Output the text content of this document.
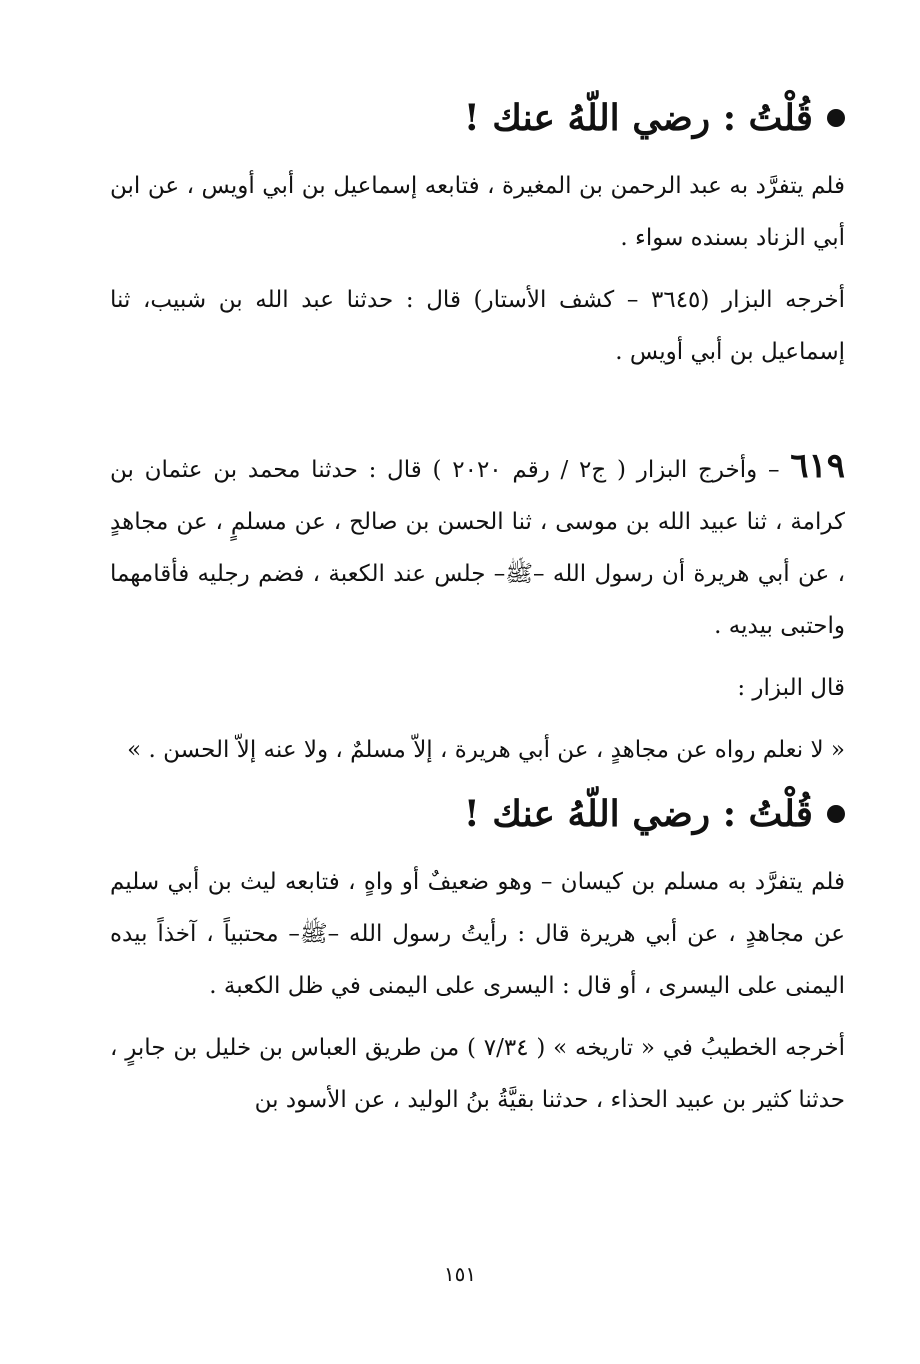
قُلْتُ : رضي اللّهُ عنك !

فلم يتفرَّد به عبد الرحمن بن المغيرة ، فتابعه إسماعيل بن أبي أويس ، عن ابن أبي الزناد بسنده سواء .

أخرجه البزار (٣٦٤٥ – كشف الأستار) قال : حدثنا عبد الله بن شبيب، ثنا إسماعيل بن أبي أويس .

٦١٩ – وأخرج البزار ( ج٢ / رقم ٢٠٢٠ ) قال : حدثنا محمد بن عثمان بن كرامة ، ثنا عبيد الله بن موسى ، ثنا الحسن بن صالح ، عن مسلمٍ ، عن مجاهدٍ ، عن أبي هريرة أن رسول الله –ﷺ– جلس عند الكعبة ، فضم رجليه فأقامهما واحتبى بيديه .

قال البزار :

« لا نعلم رواه عن مجاهدٍ ، عن أبي هريرة ، إلاّ مسلمٌ ، ولا عنه إلاّ الحسن . »

قُلْتُ : رضي اللّهُ عنك !

فلم يتفرَّد به مسلم بن كيسان – وهو ضعيفٌ أو واهٍ ، فتابعه ليث بن أبي سليم عن مجاهدٍ ، عن أبي هريرة قال : رأيتُ رسول الله –ﷺ– محتبياً ، آخذاً بيده اليمنى على اليسرى ، أو قال : اليسرى على اليمنى في ظل الكعبة .

أخرجه الخطيبُ في « تاريخه » ( ٧/٣٤ ) من طريق العباس بن خليل بن جابرٍ ، حدثنا كثير بن عبيد الحذاء ، حدثنا بقيَّةُ بنُ الوليد ، عن الأسود بن

١٥١
